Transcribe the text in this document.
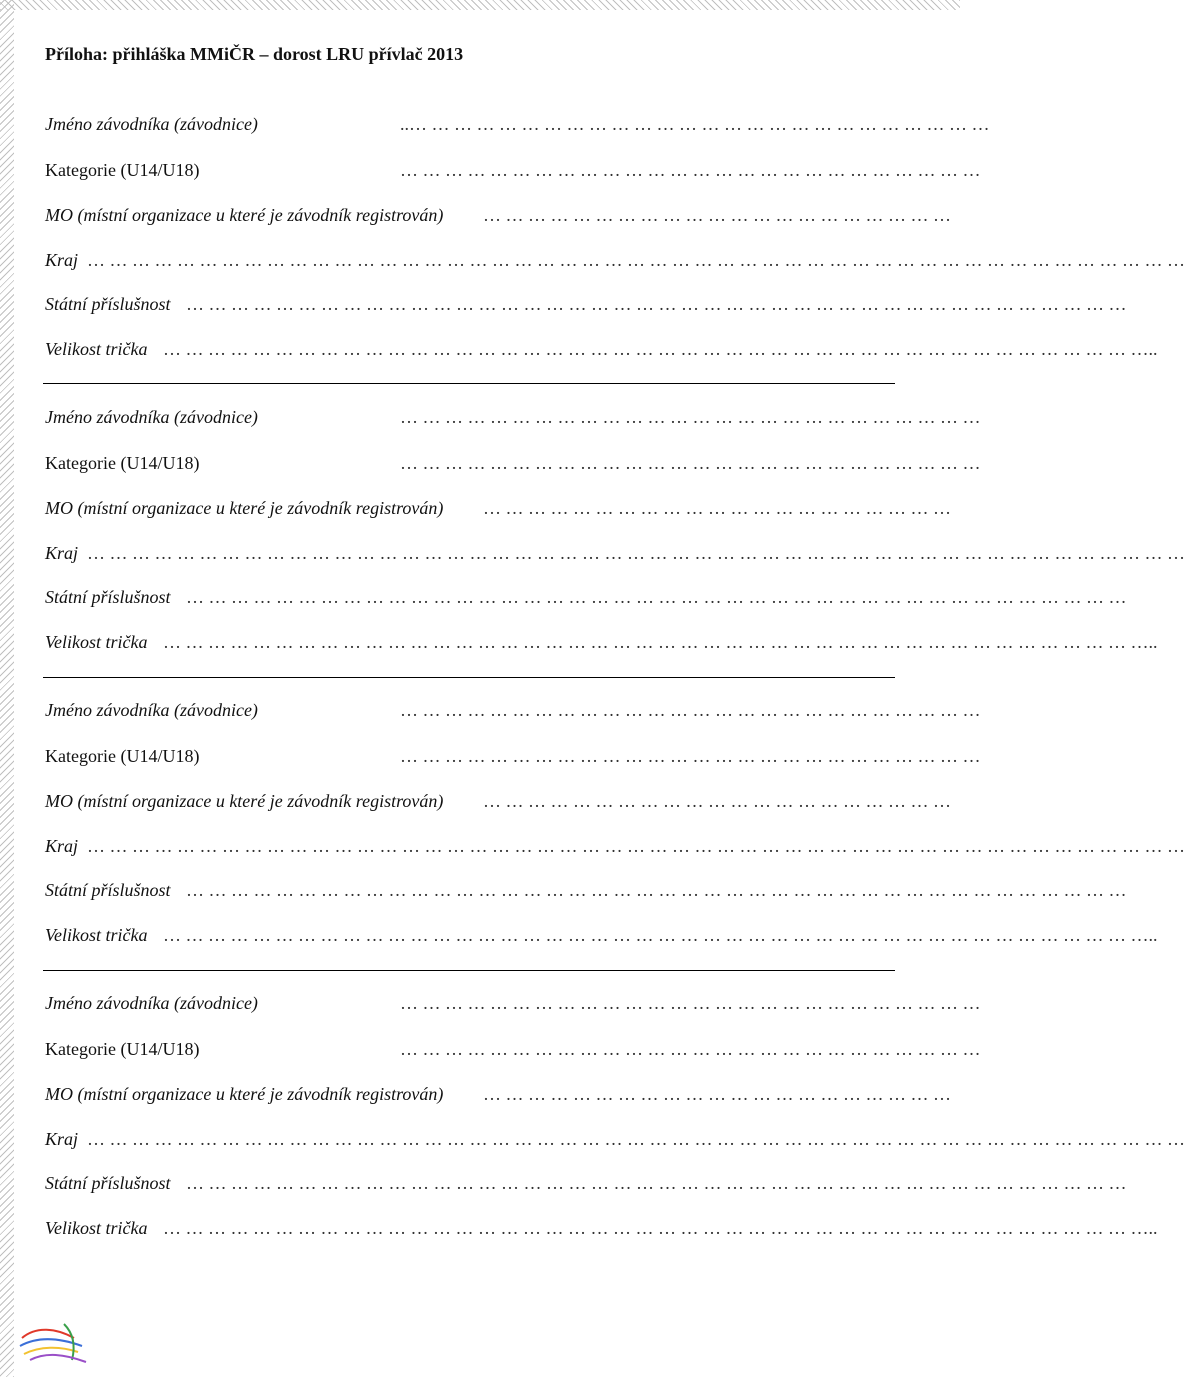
Příloha: přihláška MMiČR – dorost LRU přívlač 2013
Jméno závodníka (závodnice)	..… … … … … … … … … … … … … … … … … … … … … … … … … …
Kategorie (U14/U18)	… … … … … … … … … … … … … … … … … … … … … … … … … …
MO (místní organizace u které je závodník registrován) … … … … … … … … … … … … … … … … … … … … …
Kraj … … … … … … … … … … … … … … … … … … … … … … … … … … … … … … … … … … … … … … … … … … … … … … … … …
Státní příslušnost … … … … … … … … … … … … … … … … … … … … … … … … … … … … … … … … … … … … … … … … … …
Velikost trička … … … … … … … … … … … … … … … … … … … … … … … … … … … … … … … … … … … … … … … … … … … …..
Jméno závodníka (závodnice)	… … … … … … … … … … … … … … … … … … … … … … … … … …
Kategorie (U14/U18)	… … … … … … … … … … … … … … … … … … … … … … … … … …
MO (místní organizace u které je závodník registrován) … … … … … … … … … … … … … … … … … … … … …
Kraj … … … … … … … … … … … … … … … … … … … … … … … … … … … … … … … … … … … … … … … … … … … … … … … … …
Státní příslušnost … … … … … … … … … … … … … … … … … … … … … … … … … … … … … … … … … … … … … … … … … …
Velikost trička … … … … … … … … … … … … … … … … … … … … … … … … … … … … … … … … … … … … … … … … … … … …..
Jméno závodníka (závodnice)	… … … … … … … … … … … … … … … … … … … … … … … … … …
Kategorie (U14/U18)	… … … … … … … … … … … … … … … … … … … … … … … … … …
MO (místní organizace u které je závodník registrován) … … … … … … … … … … … … … … … … … … … … …
Kraj … … … … … … … … … … … … … … … … … … … … … … … … … … … … … … … … … … … … … … … … … … … … … … … … …
Státní příslušnost … … … … … … … … … … … … … … … … … … … … … … … … … … … … … … … … … … … … … … … … … …
Velikost trička … … … … … … … … … … … … … … … … … … … … … … … … … … … … … … … … … … … … … … … … … … … …..
Jméno závodníka (závodnice)	… … … … … … … … … … … … … … … … … … … … … … … … … …
Kategorie (U14/U18)	… … … … … … … … … … … … … … … … … … … … … … … … … …
MO (místní organizace u které je závodník registrován) … … … … … … … … … … … … … … … … … … … … …
Kraj … … … … … … … … … … … … … … … … … … … … … … … … … … … … … … … … … … … … … … … … … … … … … … … … …
Státní příslušnost … … … … … … … … … … … … … … … … … … … … … … … … … … … … … … … … … … … … … … … … … …
Velikost trička … … … … … … … … … … … … … … … … … … … … … … … … … … … … … … … … … … … … … … … … … … … …..
